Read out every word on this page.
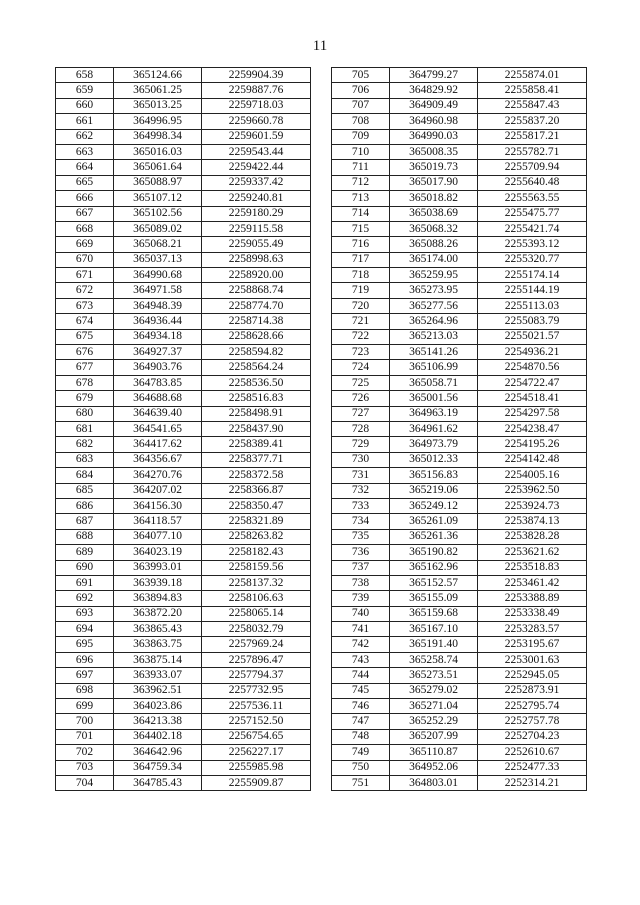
11
658	365124.66	2259904.39
659	365061.25	2259887.76
660	365013.25	2259718.03
661	364996.95	2259660.78
662	364998.34	2259601.59
663	365016.03	2259543.44
664	365061.64	2259422.44
665	365088.97	2259337.42
666	365107.12	2259240.81
667	365102.56	2259180.29
668	365089.02	2259115.58
669	365068.21	2259055.49
670	365037.13	2258998.63
671	364990.68	2258920.00
672	364971.58	2258868.74
673	364948.39	2258774.70
674	364936.44	2258714.38
675	364934.18	2258628.66
676	364927.37	2258594.82
677	364903.76	2258564.24
678	364783.85	2258536.50
679	364688.68	2258516.83
680	364639.40	2258498.91
681	364541.65	2258437.90
682	364417.62	2258389.41
683	364356.67	2258377.71
684	364270.76	2258372.58
685	364207.02	2258366.87
686	364156.30	2258350.47
687	364118.57	2258321.89
688	364077.10	2258263.82
689	364023.19	2258182.43
690	363993.01	2258159.56
691	363939.18	2258137.32
692	363894.83	2258106.63
693	363872.20	2258065.14
694	363865.43	2258032.79
695	363863.75	2257969.24
696	363875.14	2257896.47
697	363933.07	2257794.37
698	363962.51	2257732.95
699	364023.86	2257536.11
700	364213.38	2257152.50
701	364402.18	2256754.65
702	364642.96	2256227.17
703	364759.34	2255985.98
704	364785.43	2255909.87
705	364799.27	2255874.01
706	364829.92	2255858.41
707	364909.49	2255847.43
708	364960.98	2255837.20
709	364990.03	2255817.21
710	365008.35	2255782.71
711	365019.73	2255709.94
712	365017.90	2255640.48
713	365018.82	2255563.55
714	365038.69	2255475.77
715	365068.32	2255421.74
716	365088.26	2255393.12
717	365174.00	2255320.77
718	365259.95	2255174.14
719	365273.95	2255144.19
720	365277.56	2255113.03
721	365264.96	2255083.79
722	365213.03	2255021.57
723	365141.26	2254936.21
724	365106.99	2254870.56
725	365058.71	2254722.47
726	365001.56	2254518.41
727	364963.19	2254297.58
728	364961.62	2254238.47
729	364973.79	2254195.26
730	365012.33	2254142.48
731	365156.83	2254005.16
732	365219.06	2253962.50
733	365249.12	2253924.73
734	365261.09	2253874.13
735	365261.36	2253828.28
736	365190.82	2253621.62
737	365162.96	2253518.83
738	365152.57	2253461.42
739	365155.09	2253388.89
740	365159.68	2253338.49
741	365167.10	2253283.57
742	365191.40	2253195.67
743	365258.74	2253001.63
744	365273.51	2252945.05
745	365279.02	2252873.91
746	365271.04	2252795.74
747	365252.29	2252757.78
748	365207.99	2252704.23
749	365110.87	2252610.67
750	364952.06	2252477.33
751	364803.01	2252314.21
